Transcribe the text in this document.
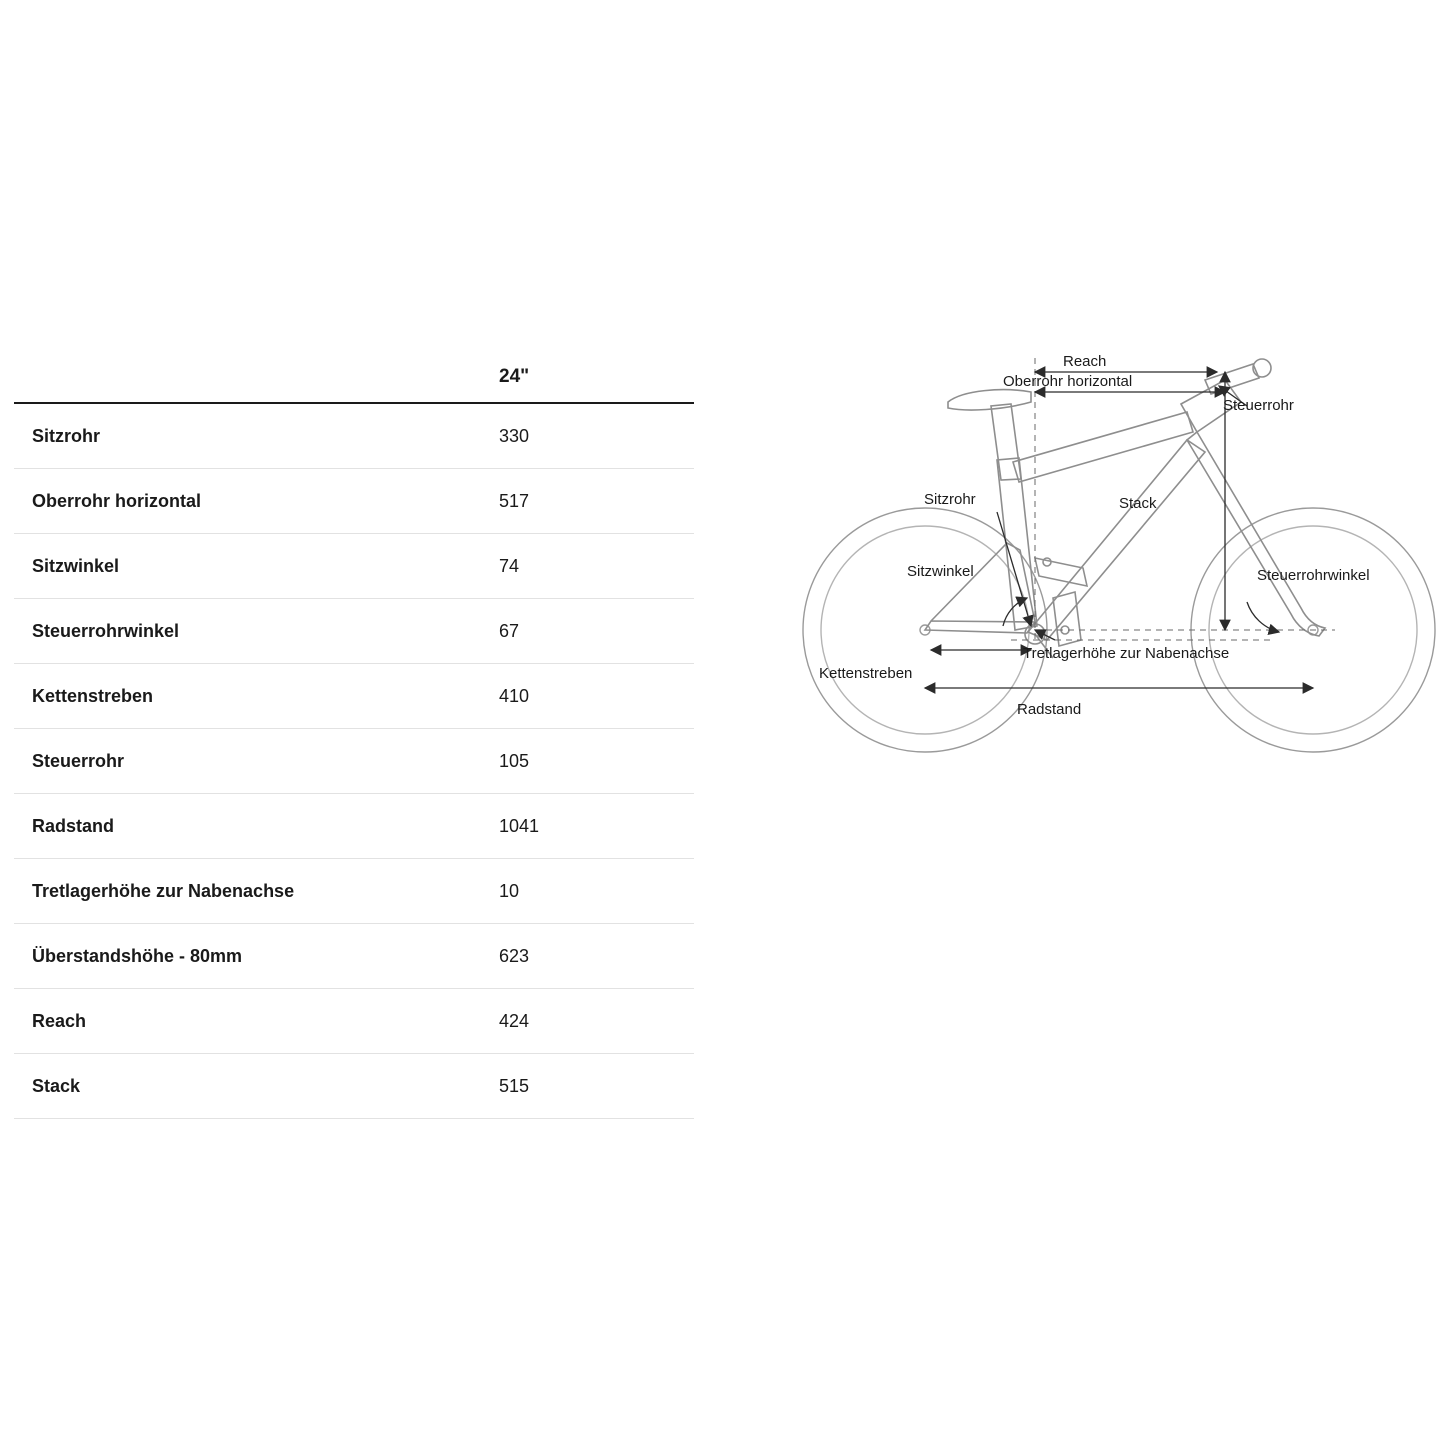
	24"
Sitzrohr	330
Oberrohr horizontal	517
Sitzwinkel	74
Steuerrohrwinkel	67
Kettenstreben	410
Steuerrohr	105
Radstand	1041
Tretlagerhöhe zur Nabenachse	10
Überstandshöhe - 80mm	623
Reach	424
Stack	515
Reach
Oberrohr horizontal
Steuerrohr
Stack
Sitzrohr
Sitzwinkel	Steuerrohrwinkel
Tretlagerhöhe zur Nabenachse
Kettenstreben
Radstand
